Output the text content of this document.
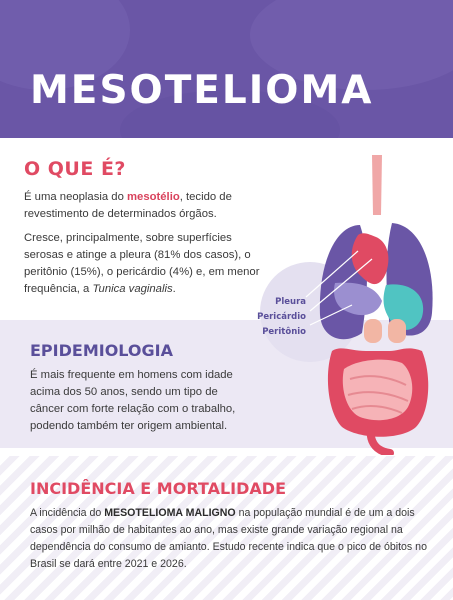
MESOTELIOMA
O QUE É?

É uma neoplasia do mesotélio, tecido de revestimento de determinados órgãos.

Cresce, principalmente, sobre superfícies serosas e atinge a pleura (81% dos casos), o peritônio (15%), o pericárdio (4%) e, em menor frequência, a Tunica vaginalis.

EPIDEMIOLOGIA

É mais frequente em homens com idade acima dos 50 anos, sendo um tipo de câncer com forte relação com o trabalho, podendo também ter origem ambiental.

INCIDÊNCIA E MORTALIDADE

A incidência do MESOTELIOMA MALIGNO na população mundial é de um a dois casos por milhão de habitantes ao ano, mas existe grande variação regional na dependência do consumo de amianto. Estudo recente indica que o pico de óbitos no Brasil se dará entre 2021 e 2026.

Pleura
Pericárdio
Peritônio
